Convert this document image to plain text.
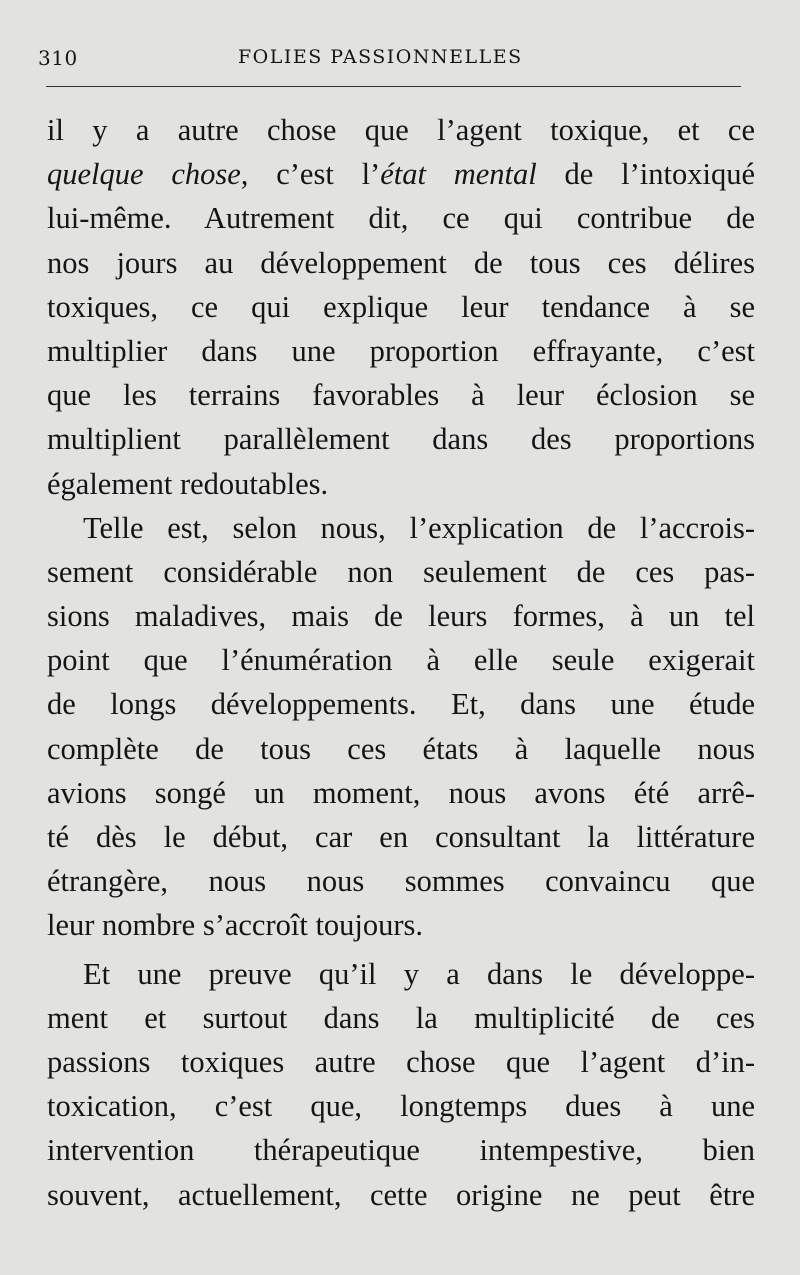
310	FOLIES PASSIONNELLES
il y a autre chose que l’agent toxique, et ce
quelque chose, c’est l’état mental de l’intoxiqué
lui-même. Autrement dit, ce qui contribue de
nos jours au développement de tous ces délires
toxiques, ce qui explique leur tendance à se
multiplier dans une proportion effrayante, c’est
que les terrains favorables à leur éclosion se
multiplient parallèlement dans des proportions
également redoutables.
Telle est, selon nous, l’explication de l’accrois-
sement considérable non seulement de ces pas-
sions maladives, mais de leurs formes, à un tel
point que l’énumération à elle seule exigerait
de longs développements. Et, dans une étude
complète de tous ces états à laquelle nous
avions songé un moment, nous avons été arrê-
té dès le début, car en consultant la littérature
étrangère, nous nous sommes convaincu que
leur nombre s’accroît toujours.
Et une preuve qu’il y a dans le développe-
ment et surtout dans la multiplicité de ces
passions toxiques autre chose que l’agent d’in-
toxication, c’est que, longtemps dues à une
intervention thérapeutique intempestive, bien
souvent, actuellement, cette origine ne peut être
